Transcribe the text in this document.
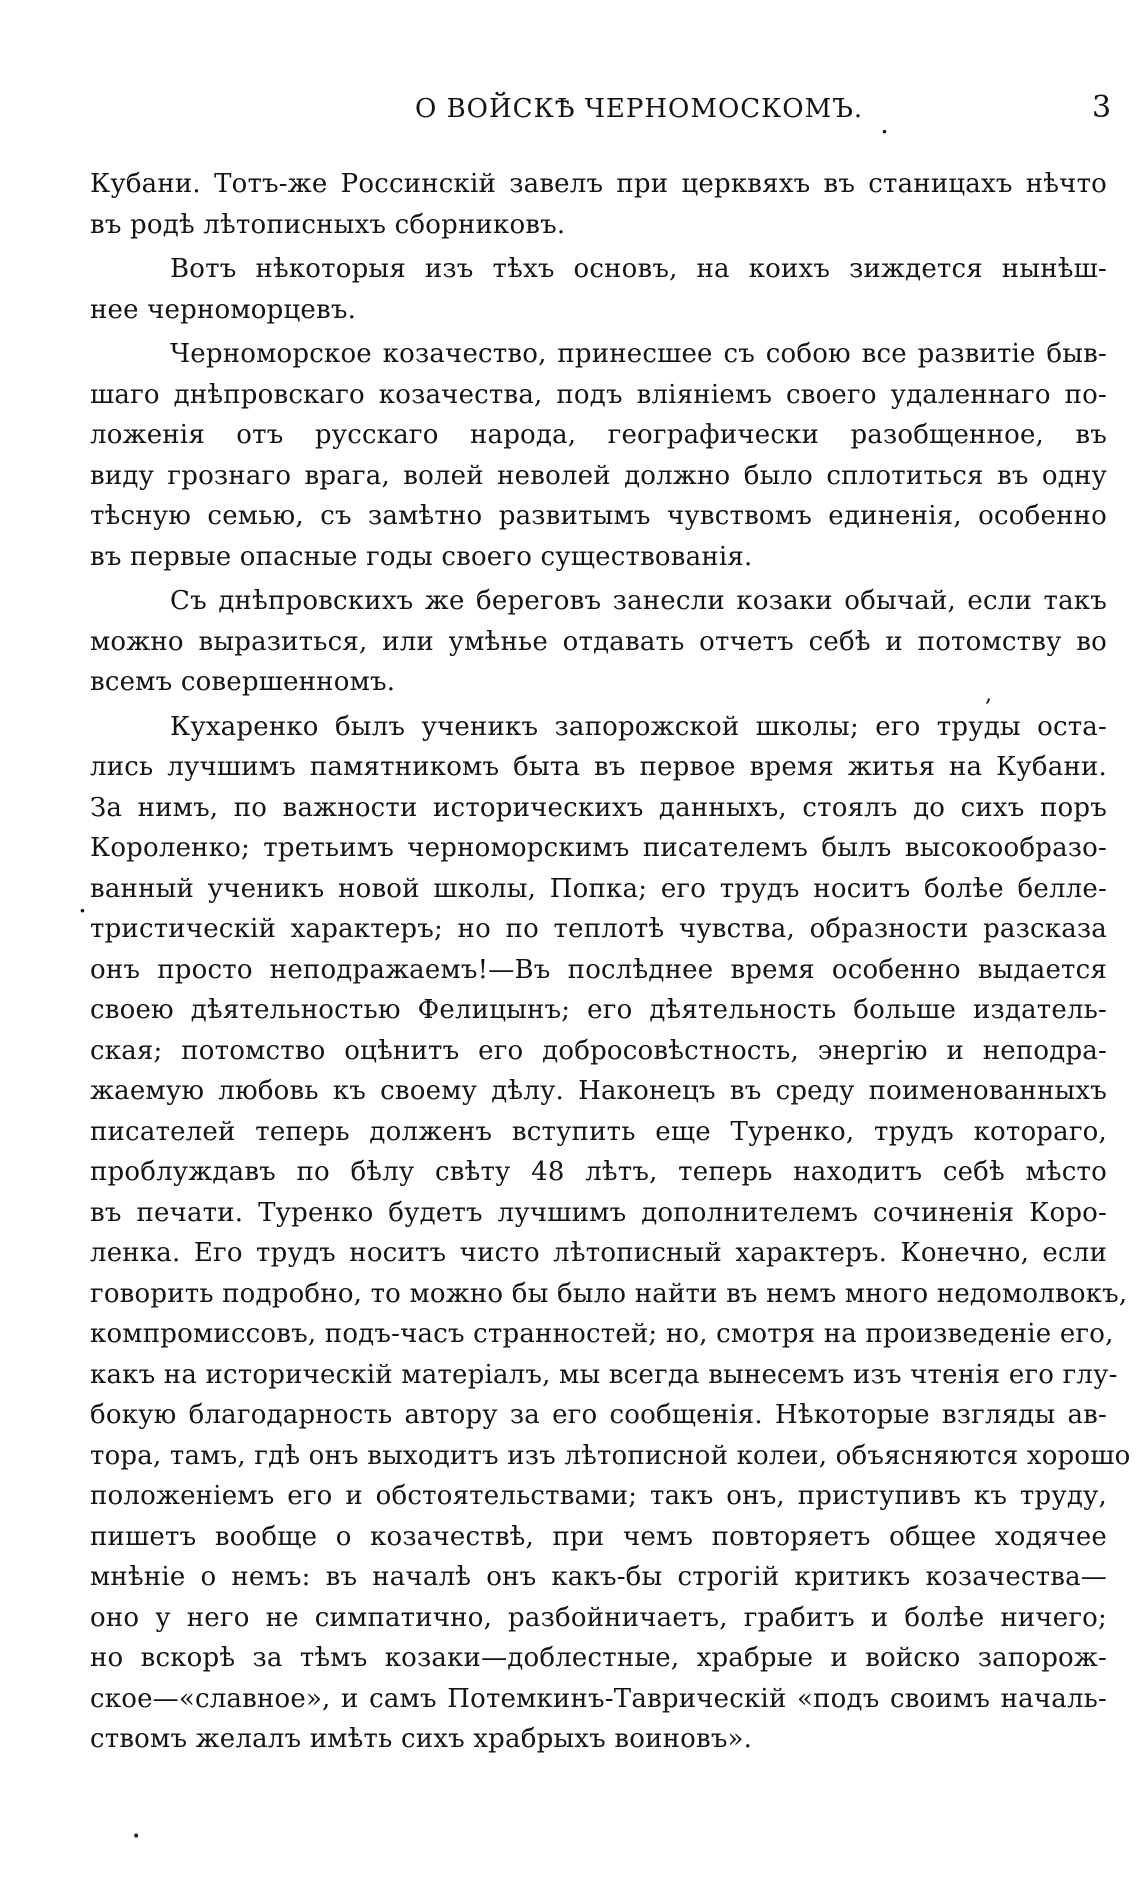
О ВОЙСКѢ ЧЕРНОМОСКОМЪ.	3
.
.
,
•
Кубани. Тотъ-же Россинскій завелъ при церквяхъ въ станицахъ нѣчто
въ родѣ лѣтописныхъ сборниковъ.
Вотъ нѣкоторыя изъ тѣхъ основъ, на коихъ зиждется нынѣш-
нее черноморцевъ.
Черноморское козачество, принесшее съ собою все развитіе быв-
шаго днѣпровскаго козачества, подъ вліяніемъ своего удаленнаго по-
ложенія отъ русскаго народа, географически разобщенное, въ
виду грознаго врага, волей неволей должно было сплотиться въ одну
тѣсную семью, съ замѣтно развитымъ чувствомъ единенія, особенно
въ первые опасные годы своего существованія.
Съ днѣпровскихъ же береговъ занесли козаки обычай, если такъ
можно выразиться, или умѣнье отдавать отчетъ себѣ и потомству во
всемъ совершенномъ.
Кухаренко былъ ученикъ запорожской школы; его труды оста-
лись лучшимъ памятникомъ быта въ первое время житья на Кубани.
За нимъ, по важности историческихъ данныхъ, стоялъ до сихъ поръ
Короленко; третьимъ черноморскимъ писателемъ былъ высокообразо-
ванный ученикъ новой школы, Попка; его трудъ носитъ болѣе белле-
тристическій характеръ; но по теплотѣ чувства, образности разсказа
онъ просто неподражаемъ!—Въ послѣднее время особенно выдается
своею дѣятельностью Фелицынъ; его дѣятельность больше издатель-
ская; потомство оцѣнитъ его добросовѣстность, энергію и неподра-
жаемую любовь къ своему дѣлу. Наконецъ въ среду поименованныхъ
писателей теперь долженъ вступить еще Туренко, трудъ котораго,
проблуждавъ по бѣлу свѣту 48 лѣтъ, теперь находитъ себѣ мѣсто
въ печати. Туренко будетъ лучшимъ дополнителемъ сочиненія Коро-
ленка. Его трудъ носитъ чисто лѣтописный характеръ. Конечно, если
говорить подробно, то можно бы было найти въ немъ много недомолвокъ,
компромиссовъ, подъ-часъ странностей; но, смотря на произведеніе его,
какъ на историческій матеріалъ, мы всегда вынесемъ изъ чтенія его глу-
бокую благодарность автору за его сообщенія. Нѣкоторые взгляды ав-
тора, тамъ, гдѣ онъ выходитъ изъ лѣтописной колеи, объясняются хорошо
положеніемъ его и обстоятельствами; такъ онъ, приступивъ къ труду,
пишетъ вообще о козачествѣ, при чемъ повторяетъ общее ходячее
мнѣніе о немъ: въ началѣ онъ какъ-бы строгій критикъ козачества—
оно у него не симпатично, разбойничаетъ, грабитъ и болѣе ничего;
но вскорѣ за тѣмъ козаки—доблестные, храбрые и войско запорож-
ское—«славное», и самъ Потемкинъ-Таврическій «подъ своимъ началь-
ствомъ желалъ имѣть сихъ храбрыхъ воиновъ».
